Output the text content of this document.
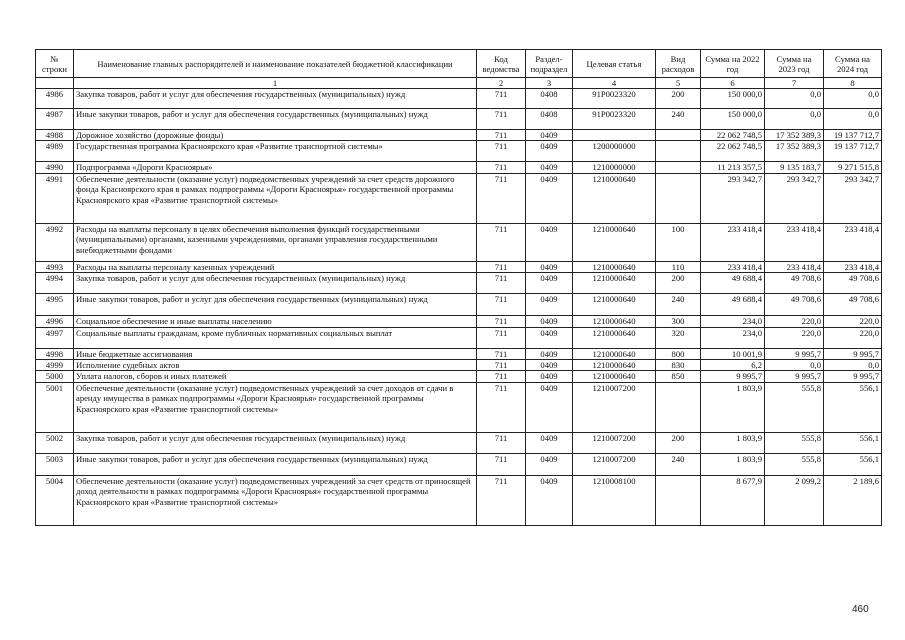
№ строки	Наименование главных распорядителей и наименование показателей бюджетной классификации	Код ведомства	Раздел-подраздел	Целевая статья	Вид расходов	Сумма на 2022 год	Сумма на 2023 год	Сумма на 2024 год
	1	2	3	4	5	6	7	8
4986	Закупка товаров, работ и услуг для обеспечения государственных (муниципальных) нужд	711	0408	91Р0023320	200	150 000,0	0,0	0,0
4987	Иные закупки товаров, работ и услуг для обеспечения государственных (муниципальных) нужд	711	0408	91Р0023320	240	150 000,0	0,0	0,0
4988	Дорожное хозяйство (дорожные фонды)	711	0409			22 062 748,5	17 352 389,3	19 137 712,7
4989	Государственная программа Красноярского края «Развитие транспортной системы»	711	0409	1200000000		22 062 748,5	17 352 389,3	19 137 712,7
4990	Подпрограмма «Дороги Красноярья»	711	0409	1210000000		11 213 357,5	9 135 183,7	9 271 515,8
4991	Обеспечение деятельности (оказание услуг) подведомственных учреждений за счет средств дорожного фонда Красноярского края в рамках подпрограммы «Дороги Красноярья» государственной программы Красноярского края «Развитие транспортной системы»	711	0409	1210000640		293 342,7	293 342,7	293 342,7
4992	Расходы на выплаты персоналу в целях обеспечения выполнения функций государственными (муниципальными) органами, казенными учреждениями, органами управления государственными внебюджетными фондами	711	0409	1210000640	100	233 418,4	233 418,4	233 418,4
4993	Расходы на выплаты персоналу казенных учреждений	711	0409	1210000640	110	233 418,4	233 418,4	233 418,4
4994	Закупка товаров, работ и услуг для обеспечения государственных (муниципальных) нужд	711	0409	1210000640	200	49 688,4	49 708,6	49 708,6
4995	Иные закупки товаров, работ и услуг для обеспечения государственных (муниципальных) нужд	711	0409	1210000640	240	49 688,4	49 708,6	49 708,6
4996	Социальное обеспечение и иные выплаты населению	711	0409	1210000640	300	234,0	220,0	220,0
4997	Социальные выплаты гражданам, кроме публичных нормативных социальных выплат	711	0409	1210000640	320	234,0	220,0	220,0
4998	Иные бюджетные ассигнования	711	0409	1210000640	800	10 001,9	9 995,7	9 995,7
4999	Исполнение судебных актов	711	0409	1210000640	830	6,2	0,0	0,0
5000	Уплата налогов, сборов и иных платежей	711	0409	1210000640	850	9 995,7	9 995,7	9 995,7
5001	Обеспечение деятельности (оказание услуг) подведомственных учреждений за счет доходов от сдачи в аренду имущества в рамках подпрограммы «Дороги Красноярья» государственной программы Красноярского края «Развитие транспортной системы»	711	0409	1210007200		1 803,9	555,8	556,1
5002	Закупка товаров, работ и услуг для обеспечения государственных (муниципальных) нужд	711	0409	1210007200	200	1 803,9	555,8	556,1
5003	Иные закупки товаров, работ и услуг для обеспечения государственных (муниципальных) нужд	711	0409	1210007200	240	1 803,9	555,8	556,1
5004	Обеспечение деятельности (оказание услуг) подведомственных учреждений за счет средств от приносящей доход деятельности в рамках подпрограммы «Дороги Красноярья» государственной программы Красноярского края «Развитие транспортной системы»	711	0409	1210008100		8 677,9	2 099,2	2 189,6
460
